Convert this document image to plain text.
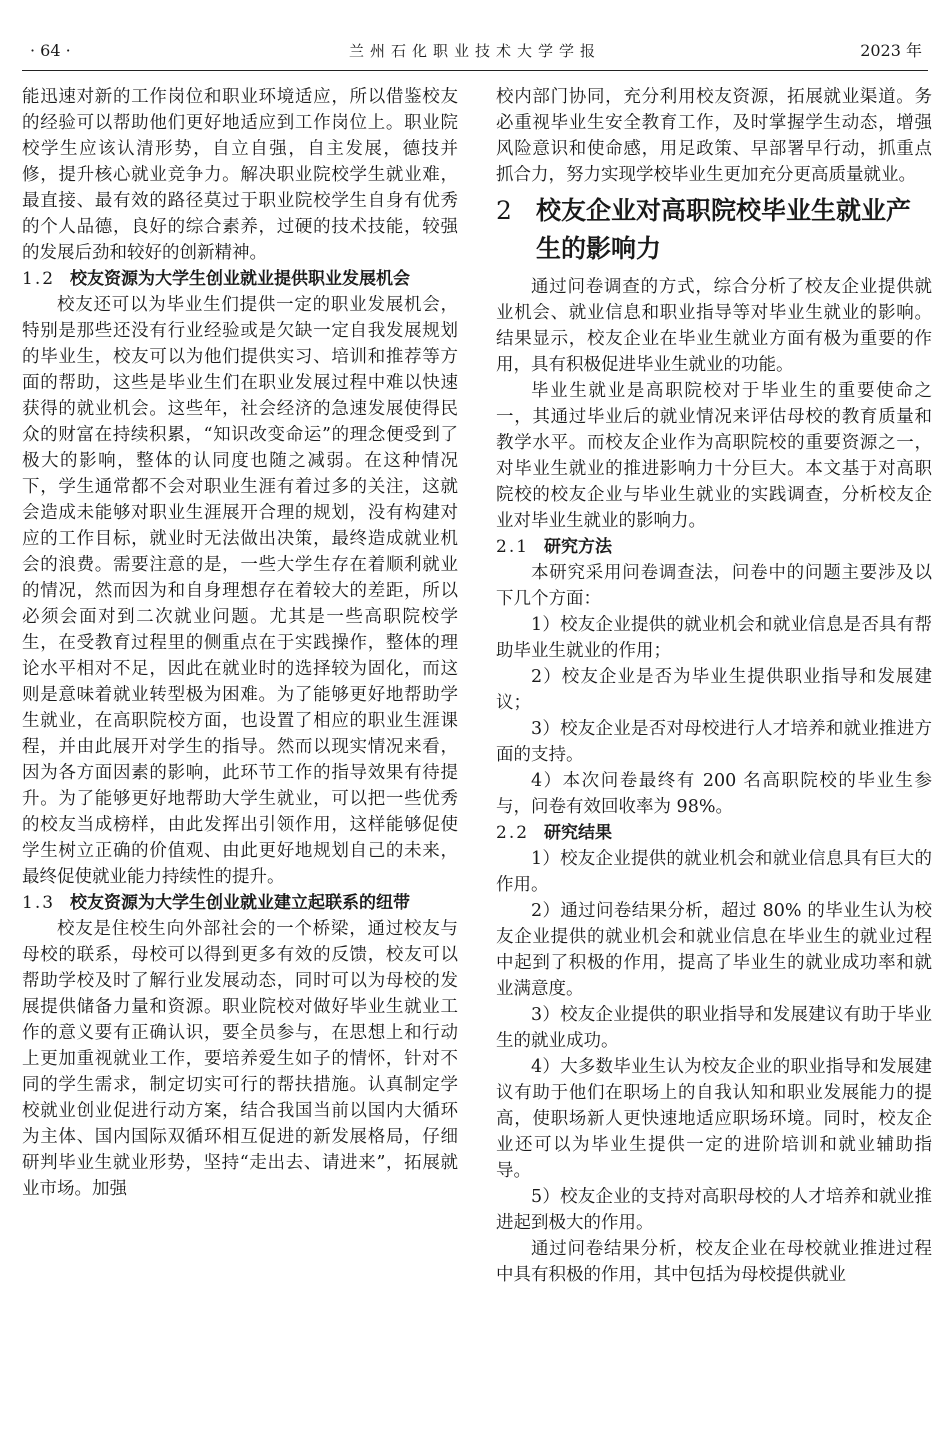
· 64 ·	兰州石化职业技术大学学报	2023 年

能迅速对新的工作岗位和职业环境适应，所以借鉴校友的经验可以帮助他们更好地适应到工作岗位上。职业院校学生应该认清形势，自立自强，自主发展，德技并修，提升核心就业竞争力。解决职业院校学生就业难，最直接、最有效的路径莫过于职业院校学生自身有优秀的个人品德，良好的综合素养，过硬的技术技能，较强的发展后劲和较好的创新精神。

1.2 校友资源为大学生创业就业提供职业发展机会

校友还可以为毕业生们提供一定的职业发展机会，特别是那些还没有行业经验或是欠缺一定自我发展规划的毕业生，校友可以为他们提供实习、培训和推荐等方面的帮助，这些是毕业生们在职业发展过程中难以快速获得的就业机会。这些年，社会经济的急速发展使得民众的财富在持续积累，“知识改变命运”的理念便受到了极大的影响，整体的认同度也随之减弱。在这种情况下，学生通常都不会对职业生涯有着过多的关注，这就会造成未能够对职业生涯展开合理的规划，没有构建对应的工作目标，就业时无法做出决策，最终造成就业机会的浪费。需要注意的是，一些大学生存在着顺利就业的情况，然而因为和自身理想存在着较大的差距，所以必须会面对到二次就业问题。尤其是一些高职院校学生，在受教育过程里的侧重点在于实践操作，整体的理论水平相对不足，因此在就业时的选择较为固化，而这则是意味着就业转型极为困难。为了能够更好地帮助学生就业，在高职院校方面，也设置了相应的职业生涯课程，并由此展开对学生的指导。然而以现实情况来看，因为各方面因素的影响，此环节工作的指导效果有待提升。为了能够更好地帮助大学生就业，可以把一些优秀的校友当成榜样，由此发挥出引领作用，这样能够促使学生树立正确的价值观、由此更好地规划自己的未来，最终促使就业能力持续性的提升。

1.3 校友资源为大学生创业就业建立起联系的纽带

校友是住校生向外部社会的一个桥梁，通过校友与母校的联系，母校可以得到更多有效的反馈，校友可以帮助学校及时了解行业发展动态，同时可以为母校的发展提供储备力量和资源。职业院校对做好毕业生就业工作的意义要有正确认识，要全员参与，在思想上和行动上更加重视就业工作，要培养爱生如子的情怀，针对不同的学生需求，制定切实可行的帮扶措施。认真制定学校就业创业促进行动方案，结合我国当前以国内大循环为主体、国内国际双循环相互促进的新发展格局，仔细研判毕业生就业形势，坚持“走出去、请进来”，拓展就业市场。加强

校内部门协同，充分利用校友资源，拓展就业渠道。务必重视毕业生安全教育工作，及时掌握学生动态，增强风险意识和使命感，用足政策、早部署早行动，抓重点抓合力，努力实现学校毕业生更加充分更高质量就业。

2 校友企业对高职院校毕业生就业产生的影响力

通过问卷调查的方式，综合分析了校友企业提供就业机会、就业信息和职业指导等对毕业生就业的影响。结果显示，校友企业在毕业生就业方面有极为重要的作用，具有积极促进毕业生就业的功能。

毕业生就业是高职院校对于毕业生的重要使命之一，其通过毕业后的就业情况来评估母校的教育质量和教学水平。而校友企业作为高职院校的重要资源之一，对毕业生就业的推进影响力十分巨大。本文基于对高职院校的校友企业与毕业生就业的实践调查，分析校友企业对毕业生就业的影响力。

2.1 研究方法

本研究采用问卷调查法，问卷中的问题主要涉及以下几个方面：

1）校友企业提供的就业机会和就业信息是否具有帮助毕业生就业的作用；

2）校友企业是否为毕业生提供职业指导和发展建议；

3）校友企业是否对母校进行人才培养和就业推进方面的支持。

4）本次问卷最终有 200 名高职院校的毕业生参与，问卷有效回收率为 98%。

2.2 研究结果

1）校友企业提供的就业机会和就业信息具有巨大的作用。

2）通过问卷结果分析，超过 80% 的毕业生认为校友企业提供的就业机会和就业信息在毕业生的就业过程中起到了积极的作用，提高了毕业生的就业成功率和就业满意度。

3）校友企业提供的职业指导和发展建议有助于毕业生的就业成功。

4）大多数毕业生认为校友企业的职业指导和发展建议有助于他们在职场上的自我认知和职业发展能力的提高，使职场新人更快速地适应职场环境。同时，校友企业还可以为毕业生提供一定的进阶培训和就业辅助指导。

5）校友企业的支持对高职母校的人才培养和就业推进起到极大的作用。

通过问卷结果分析，校友企业在母校就业推进过程中具有积极的作用，其中包括为母校提供就业
